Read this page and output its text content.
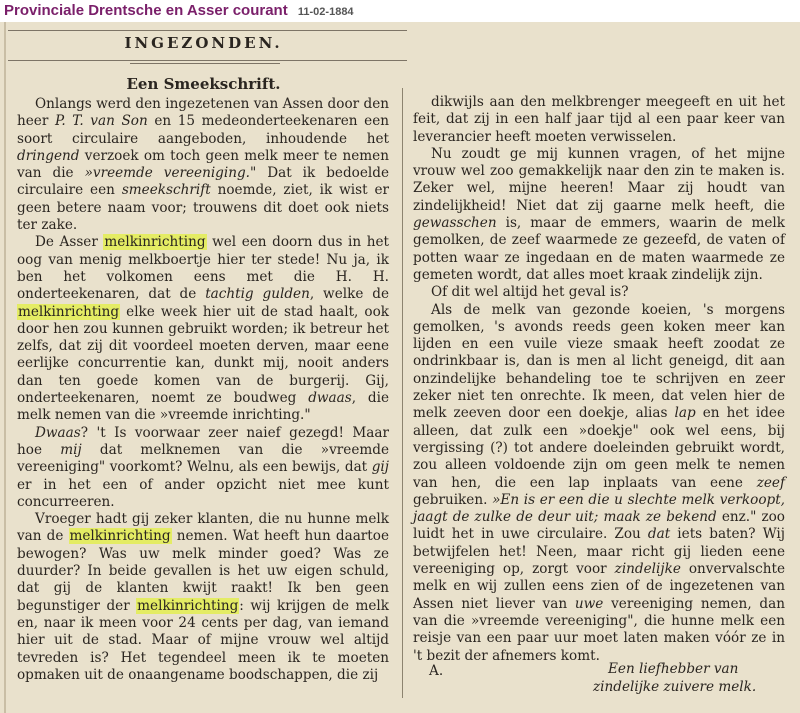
Provinciale Drentsche en Asser courant 11-02-1884
INGEZONDEN.
Een Smeekschrift.

Onlangs werd den ingezetenen van Assen door den heer P. T. van Son en 15 medeonderteekenaren een soort circulaire aangeboden, inhoudende het dringend verzoek om toch geen melk meer te nemen van die »vreemde vereeniging." Dat ik bedoelde circulaire een smeekschrift noemde, ziet, ik wist er geen betere naam voor; trouwens dit doet ook niets ter zake.

De Asser melkinrichting wel een doorn dus in het oog van menig melkboertje hier ter stede! Nu ja, ik ben het volkomen eens met die H. H. onderteekenaren, dat de tachtig gulden, welke de melkinrichting elke week hier uit de stad haalt, ook door hen zou kunnen gebruikt worden; ik betreur het zelfs, dat zij dit voordeel moeten derven, maar eene eerlijke concurrentie kan, dunkt mij, nooit anders dan ten goede komen van de burgerij. Gij, onderteekenaren, noemt ze boudweg dwaas, die melk nemen van die »vreemde inrichting."

Dwaas? 't Is voorwaar zeer naief gezegd! Maar hoe mij dat melknemen van die »vreemde vereeniging" voorkomt? Welnu, als een bewijs, dat gij er in het een of ander opzicht niet mee kunt concurreeren.

Vroeger hadt gij zeker klanten, die nu hunne melk van de melkinrichting nemen. Wat heeft hun daartoe bewogen? Was uw melk minder goed? Was ze duurder? In beide gevallen is het uw eigen schuld, dat gij de klanten kwijt raakt! Ik ben geen begunstiger der melkinrichting: wij krijgen de melk en, naar ik meen voor 24 cents per dag, van iemand hier uit de stad. Maar of mijne vrouw wel altijd tevreden is? Het tegendeel meen ik te moeten opmaken uit de onaangename boodschappen, die zij

dikwijls aan den melkbrenger meegeeft en uit het feit, dat zij in een half jaar tijd al een paar keer van leverancier heeft moeten verwisselen.

Nu zoudt ge mij kunnen vragen, of het mijne vrouw wel zoo gemakkelijk naar den zin te maken is. Zeker wel, mijne heeren! Maar zij houdt van zindelijkheid! Niet dat zij gaarne melk heeft, die gewasschen is, maar de emmers, waarin de melk gemolken, de zeef waarmede ze gezeefd, de vaten of potten waar ze ingedaan en de maten waarmede ze gemeten wordt, dat alles moet kraak zindelijk zijn.

Of dit wel altijd het geval is?

Als de melk van gezonde koeien, 's morgens gemolken, 's avonds reeds geen koken meer kan lijden en een vuile vieze smaak heeft zoodat ze ondrinkbaar is, dan is men al licht geneigd, dit aan onzindelijke behandeling toe te schrijven en zeer zeker niet ten onrechte. Ik meen, dat velen hier de melk zeeven door een doekje, alias lap en het idee alleen, dat zulk een »doekje" ook wel eens, bij vergissing (?) tot andere doeleinden gebruikt wordt, zou alleen voldoende zijn om geen melk te nemen van hen, die een lap inplaats van eene zeef gebruiken. »En is er een die u slechte melk verkoopt, jaagt de zulke de deur uit; maak ze bekend enz." zoo luidt het in uwe circulaire. Zou dat iets baten? Wij betwijfelen het! Neen, maar richt gij lieden eene vereeniging op, zorgt voor zindelijke onvervalschte melk en wij zullen eens zien of de ingezetenen van Assen niet liever van uwe vereeniging nemen, dan van die »vreemde vereeniging", die hunne melk een reisje van een paar uur moet laten maken vóór ze in 't bezit der afnemers komt.

A.	Een liefhebber van
zindelijke zuivere melk.
